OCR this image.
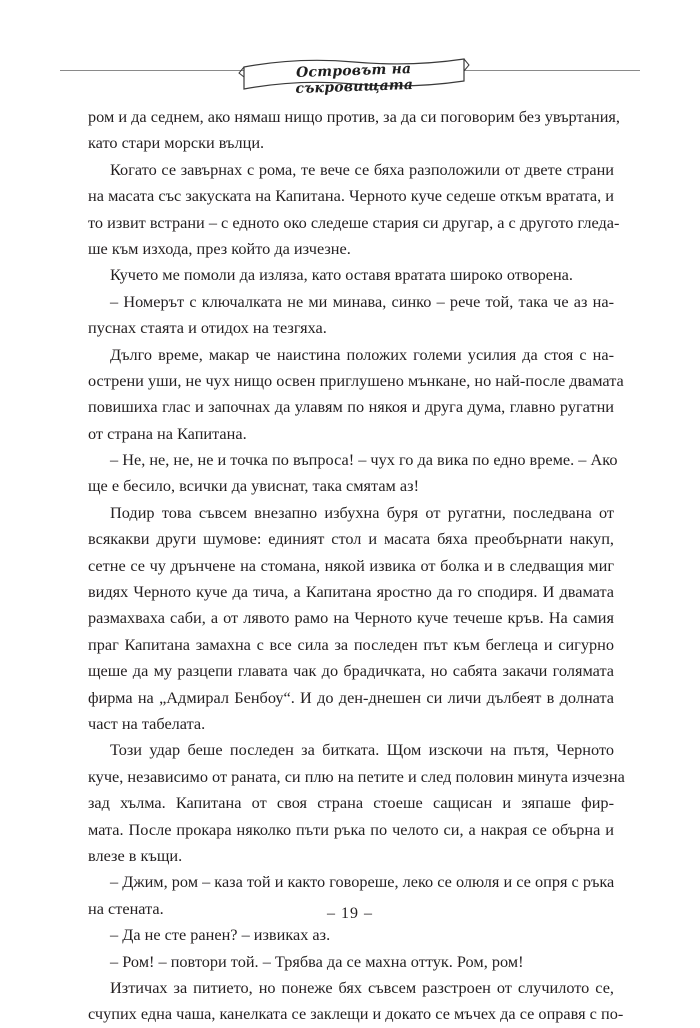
Островът на съкровищата
ром и да седнем, ако нямаш нищо против, за да си поговорим без увъртания,
като стари морски вълци.
Когато се завърнах с рома, те вече се бяха разположили от двете страни
на масата със закуската на Капитана. Черното куче седеше откъм вратата, и
то извит встрани – с едното око следеше стария си другар, а с другото гледа-
ше към изхода, през който да изчезне.
Кучето ме помоли да изляза, като оставя вратата широко отворена.
– Номерът с ключалката не ми минава, синко – рече той, така че аз на-
пуснах стаята и отидох на тезгяха.
Дълго време, макар че наистина положих големи усилия да стоя с на-
острени уши, не чух нищо освен приглушено мънкане, но най-после двамата
повишиха глас и започнах да улавям по някоя и друга дума, главно ругатни
от страна на Капитана.
– Не, не, не, не и точка по въпроса! – чух го да вика по едно време. – Ако
ще е бесило, всички да увиснат, така смятам аз!
Подир това съвсем внезапно избухна буря от ругатни, последвана от
всякакви други шумове: единият стол и масата бяха преобърнати накуп,
сетне се чу дрънчене на стомана, някой извика от болка и в следващия миг
видях Черното куче да тича, а Капитана яростно да го сподиря. И двамата
размахваха саби, а от лявото рамо на Черното куче течеше кръв. На самия
праг Капитана замахна с все сила за последен път към беглеца и сигурно
щеше да му разцепи главата чак до брадичката, но сабята закачи голямата
фирма на „Адмирал Бенбоу“. И до ден-днешен си личи дълбеят в долната
част на табелата.
Този удар беше последен за битката. Щом изскочи на пътя, Черното
куче, независимо от раната, си плю на петите и след половин минута изчезна
зад хълма. Капитана от своя страна стоеше сащисан и зяпаше фир-
мата. После прокара няколко пъти ръка по челото си, а накрая се обърна и
влезе в къщи.
– Джим, ром – каза той и както говореше, леко се олюля и се опря с ръка
на стената.
– Да не сте ранен? – извиках аз.
– Ром! – повтори той. – Трябва да се махна оттук. Ром, ром!
Изтичах за питието, но понеже бях съвсем разстроен от случилото се,
счупих една чаша, канелката се заклещи и докато се мъчех да се оправя с по-
– 19 –
